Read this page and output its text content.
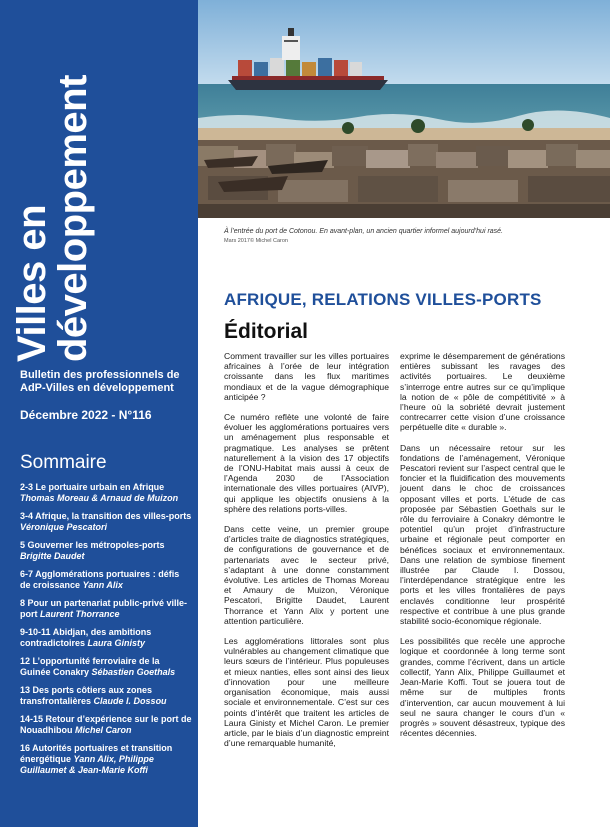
Villes en
développement
Bulletin des professionnels de AdP-Villes en développement
Décembre 2022 - N°116
Sommaire
2-3 Le portuaire urbain en Afrique Thomas Moreau & Arnaud de Muizon
3-4 Afrique, la transition des villes-ports Véronique Pescatori
5 Gouverner les métropoles-ports Brigitte Daudet
6-7 Agglomérations portuaires : défis de croissance Yann Alix
8 Pour un partenariat public-privé ville-port Laurent Thorrance
9-10-11 Abidjan, des ambitions contradictoires Laura Ginisty
12 L’opportunité ferroviaire de la Guinée Conakry Sébastien Goethals
13 Des ports côtiers aux zones transfrontalières Claude I. Dossou
14-15 Retour d’expérience sur le port de Nouadhibou Michel Caron
16 Autorités portuaires et transition énergétique Yann Alix, Philippe Guillaumet & Jean-Marie Koffi
À l’entrée du port de Cotonou. En avant-plan, un ancien quartier informel aujourd’hui rasé.
Mars 2017© Michel Caron
AFRIQUE, RELATIONS VILLES-PORTS
Éditorial

Comment travailler sur les villes portuaires africaines à l’orée de leur intégration croissante dans les flux maritimes mondiaux et de la vague démographique anticipée ?

Ce numéro reflète une volonté de faire évoluer les agglomérations portuaires vers un aménagement plus responsable et pragmatique. Les analyses se prêtent naturellement à la vision des 17 objectifs de l’ONU-Habitat mais aussi à ceux de l’Agenda 2030 de l’Association internationale des villes portuaires (AIVP), qui applique les objectifs onusiens à la sphère des relations ports-villes.

Dans cette veine, un premier groupe d’articles traite de diagnostics stratégiques, de configurations de gouvernance et de partenariats avec le secteur privé, s’adaptant à une donne constamment évolutive. Les articles de Thomas Moreau et Amaury de Muizon, Véronique Pescatori, Brigitte Daudet, Laurent Thorrance et Yann Alix y portent une attention particulière.

Les agglomérations littorales sont plus vulnérables au changement climatique que leurs sœurs de l’intérieur. Plus populeuses et mieux nanties, elles sont ainsi des lieux d’innovation pour une meilleure organisation économique, mais aussi sociale et environnementale. C’est sur ces points d’intérêt que traitent les articles de Laura Ginisty et Michel Caron. Le premier article, par le biais d’un diagnostic empreint d’une remarquable humanité,

exprime le désemparement de générations entières subissant les ravages des activités portuaires. Le deuxième s’interroge entre autres sur ce qu’implique la notion de « pôle de compétitivité » à l’heure où la sobriété devrait justement contrecarrer cette vision d’une croissance perpétuelle dite « durable ».

Dans un nécessaire retour sur les fondations de l’aménagement, Véronique Pescatori revient sur l’aspect central que le foncier et la fluidification des mouvements jouent dans le choc de croissances opposant villes et ports. L’étude de cas proposée par Sébastien Goethals sur le rôle du ferroviaire à Conakry démontre le potentiel qu’un projet d’infrastructure urbaine et régionale peut comporter en bénéfices sociaux et environnementaux. Dans une relation de symbiose finement illustrée par Claude I. Dossou, l’interdépendance stratégique entre les ports et les villes frontalières de pays enclavés conditionne leur prospérité respective et contribue à une plus grande stabilité socio-économique régionale.

Les possibilités que recèle une approche logique et coordonnée à long terme sont grandes, comme l’écrivent, dans un article collectif, Yann Alix, Philippe Guillaumet et Jean-Marie Koffi. Tout se jouera tout de même sur de multiples fronts d’intervention, car aucun mouvement à lui seul ne saura changer le cours d’un « progrès » souvent désastreux, typique des récentes décennies.
